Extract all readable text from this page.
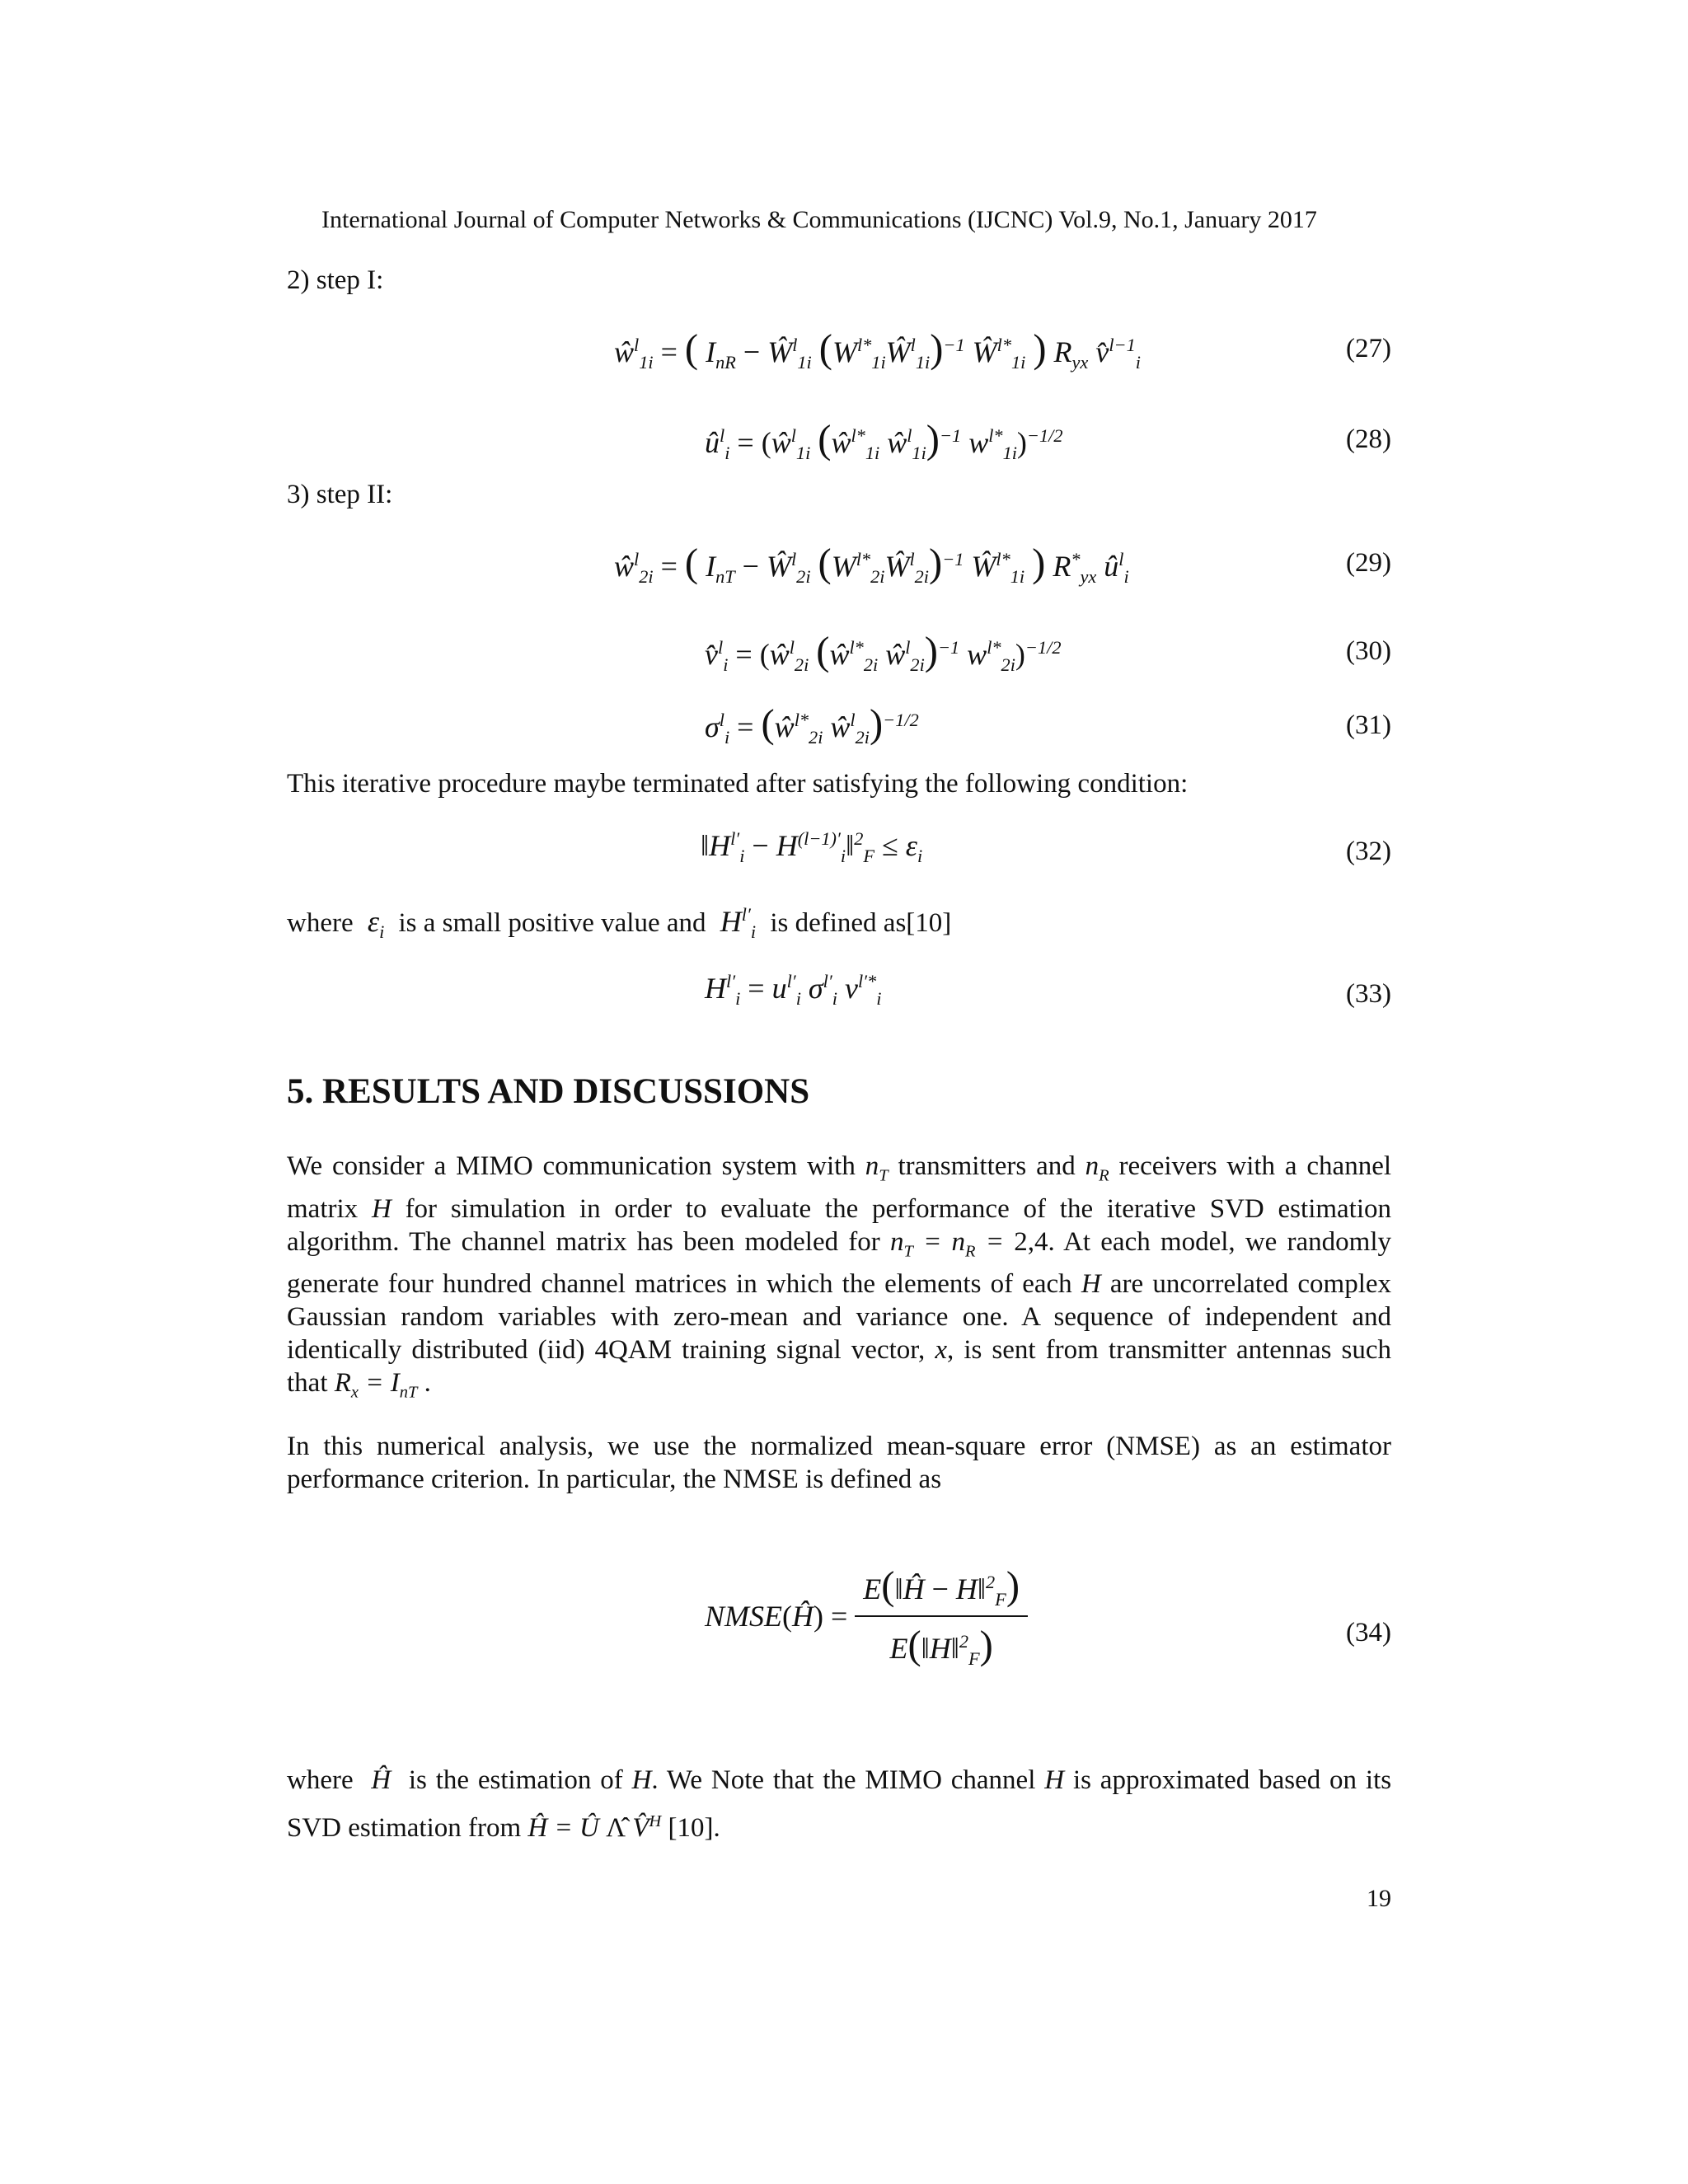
International Journal of Computer Networks & Communications (IJCNC) Vol.9, No.1, January 2017
2) step I:
$ŵ^l_{1i}$ = ( $I_{nR}$ − $Ŵ^l_{1i}$ $(W^{l*}_{1i}Ŵ^l_{1i})^{-1}$ $Ŵ^{l*}_{1i}$ ) $R_{yx}$ v̂$^{l-1}_i$	(27)
$û^l_i$ = ($ŵ^l_{1i}$ ($ŵ^{l*}_{1i}$ $ŵ^l_{1i})^{-1}$ $w^{l*}_{1i})^{-1/2}$	(28)
3) step II:
$ŵ^l_{2i}$ = ( $I_{nT}$ − $Ŵ^l_{2i}$ $(W^{l*}_{2i}Ŵ^l_{2i})^{-1}$ $Ŵ^{l*}_{1i}$ ) $R^*_{yx}$ $û^l_i$	(29)
v̂$^l_i$ = ($ŵ^l_{2i}$ ($ŵ^{l*}_{2i}$ $ŵ^l_{2i})^{-1}$ $w^{l*}_{2i})^{-1/2}$	(30)
$\sigma^l_i$ = ($ŵ^{l*}_{2i}$ $ŵ^l_{2i})^{-1/2}$	(31)
This iterative procedure maybe terminated after satisfying the following condition:
$‖H^{l'}_i$ − $H^{(l-1)'}_i‖^2_F \le \varepsilon_i$	(32)
where  $\varepsilon_i$ is a small positive value and  $H^{l'}_i$ is defined as[10]
$H^{l'}_i = u^{l'}_i$ $\sigma^{l'}_i$ $v^{l'*}_i$	(33)
5. RESULTS AND DISCUSSIONS

We consider a MIMO communication system with $n_T$ transmitters and $n_R$ receivers with a channel matrix H for simulation in order to evaluate the performance of the iterative SVD estimation algorithm. The channel matrix has been modeled for $n_T = n_R = 2,4$. At each model, we randomly generate four hundred channel matrices in which the elements of each H are uncorrelated complex Gaussian random variables with zero-mean and variance one. A sequence of independent and identically distributed (iid) 4QAM training signal vector, x, is sent from transmitter antennas such that $R_x = I_{nT}$ .

In this numerical analysis, we use the normalized mean-square error (NMSE) as an estimator performance criterion. In particular, the NMSE is defined as

NMSE(Ĥ) = $\frac{E(‖Ĥ - H‖^2_F)}{E(‖H‖^2_F)}$	(34)

where  Ĥ  is the estimation of H. We Note that the MIMO channel H is approximated based on its SVD estimation from Ĥ = Û Λ̂ V̂$^H$ [10].

19
